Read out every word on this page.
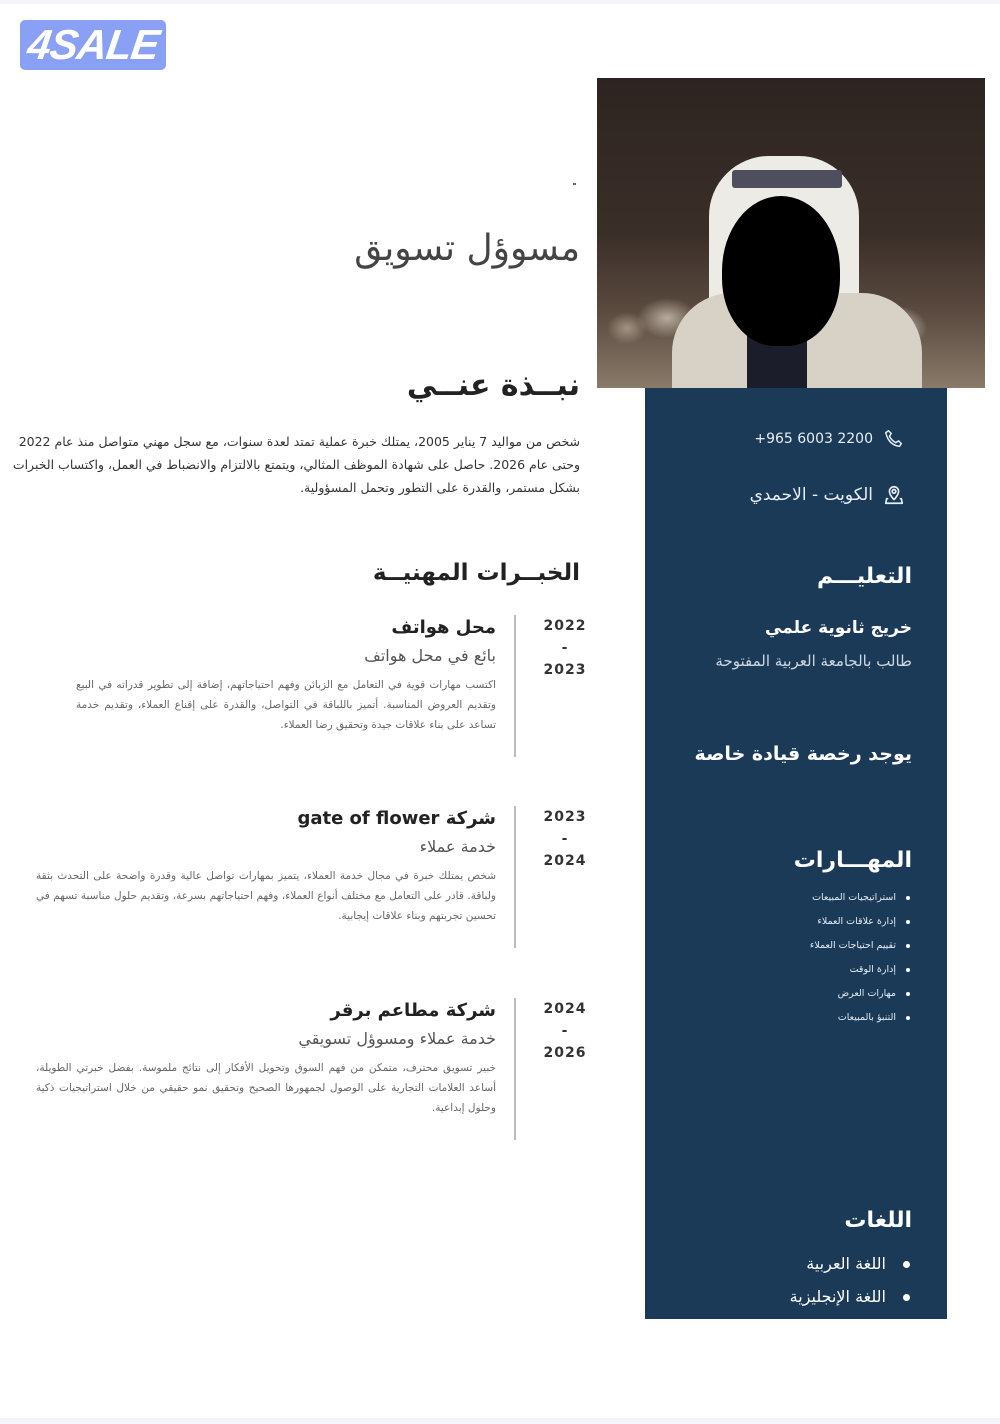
4SALE
مسوؤل تسويق
نبــذة عنــي
شخص من مواليد 7 يناير 2005، يمتلك خبرة عملية تمتد لعدة سنوات، مع سجل مهني متواصل منذ عام 2022 وحتى عام 2026. حاصل على شهادة الموظف المثالي، ويتمتع بالالتزام والانضباط في العمل، واكتساب الخبرات بشكل مستمر، والقدرة على التطور وتحمل المسؤولية.
الخبــرات المهنيــة
2022
-
2023
محل هواتف
بائع في محل هواتف
اكتسب مهارات قوية في التعامل مع الزبائن وفهم احتياجاتهم، إضافة إلى تطوير قدراته في البيع وتقديم العروض المناسبة. أتميز باللباقة في التواصل، والقدرة على إقناع العملاء، وتقديم خدمة تساعد على بناء علاقات جيدة وتحقيق رضا العملاء.
2023
-
2024
شركة gate of flower
خدمة عملاء
شخص يمتلك خبرة في مجال خدمة العملاء، يتميز بمهارات تواصل عالية وقدرة واضحة على التحدث بثقة ولباقة. قادر على التعامل مع مختلف أنواع العملاء، وفهم احتياجاتهم بسرعة، وتقديم حلول مناسبة تسهم في تحسين تجربتهم وبناء علاقات إيجابية.
2024
-
2026
شركة مطاعم برقر
خدمة عملاء ومسوؤل تسويقي
خبير تسويق محترف، متمكن من فهم السوق وتحويل الأفكار إلى نتائج ملموسة. بفضل خبرتي الطويلة، أساعد العلامات التجارية على الوصول لجمهورها الصحيح وتحقيق نمو حقيقي من خلال استراتيجيات ذكية وحلول إبداعية.
+965 6003 2200
الكويت - الاحمدي
التعليـــم
خريج ثانوية علمي
طالب بالجامعة العربية المفتوحة
يوجد رخصة قيادة خاصة
المهـــارات
استراتيجيات المبيعات
إدارة علاقات العملاء
تقييم احتياجات العملاء
إدارة الوقت
مهارات العرض
التنبؤ بالمبيعات
اللغات
اللغة العربية
اللغة الإنجليزية
